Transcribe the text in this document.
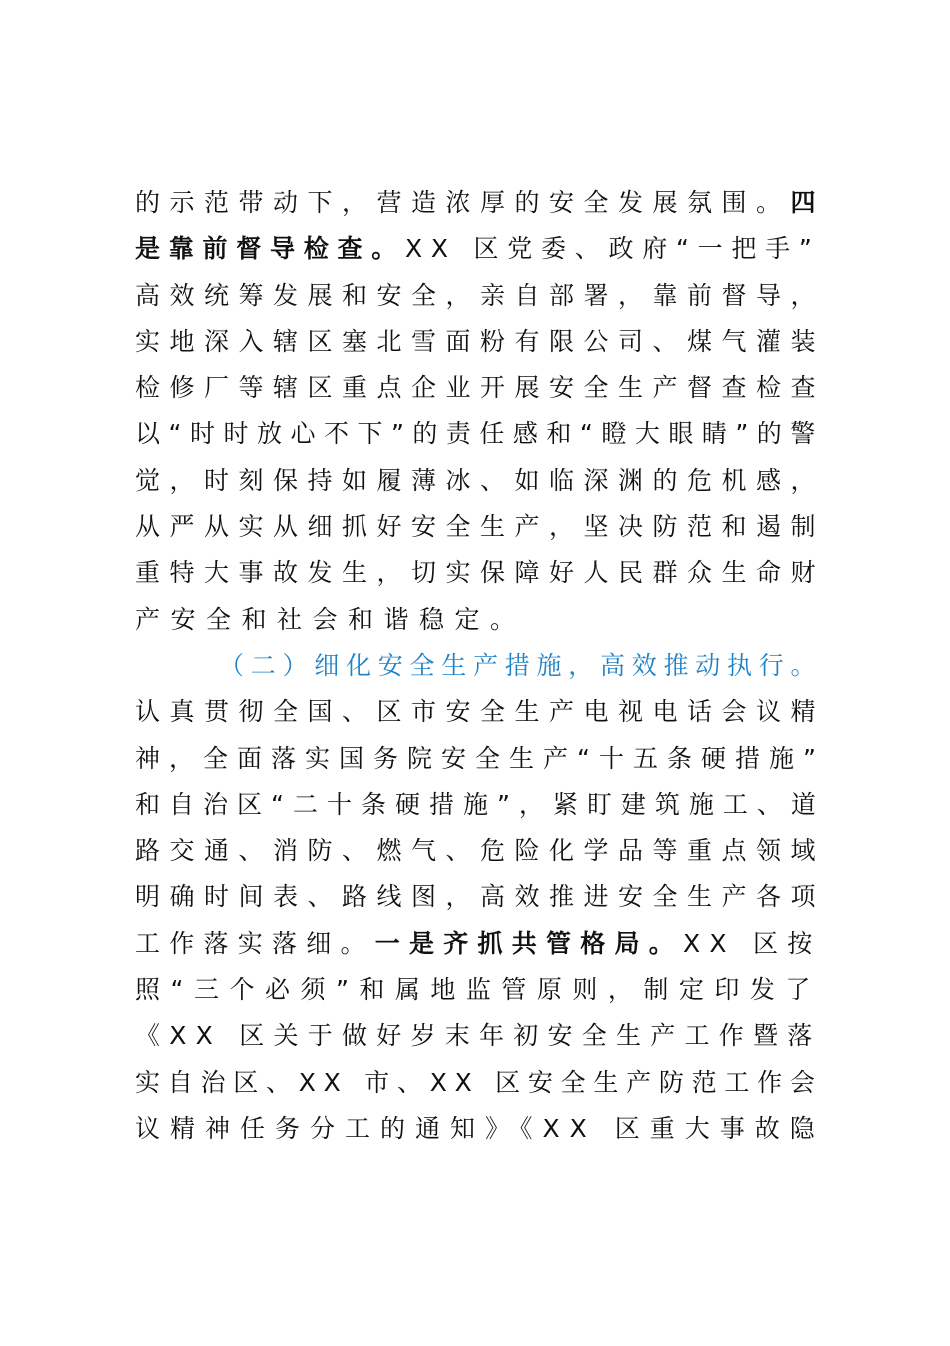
的示范带动下，营造浓厚的安全发展氛围。四
是靠前督导检查。XX 区党委、政府“一把手”
高效统筹发展和安全，亲自部署，靠前督导，
实地深入辖区塞北雪面粉有限公司、煤气灌装
检修厂等辖区重点企业开展安全生产督查检查
以“时时放心不下”的责任感和“瞪大眼睛”的警
觉，时刻保持如履薄冰、如临深渊的危机感，
从严从实从细抓好安全生产，坚决防范和遏制
重特大事故发生，切实保障好人民群众生命财
产安全和社会和谐稳定。
（二）细化安全生产措施，高效推动执行。
认真贯彻全国、区市安全生产电视电话会议精
神，全面落实国务院安全生产“十五条硬措施”
和自治区“二十条硬措施”，紧盯建筑施工、道
路交通、消防、燃气、危险化学品等重点领域
明确时间表、路线图，高效推进安全生产各项
工作落实落细。一是齐抓共管格局。XX 区按
照“三个必须”和属地监管原则，制定印发了
《XX 区关于做好岁末年初安全生产工作暨落
实自治区、XX 市、XX 区安全生产防范工作会
议精神任务分工的通知》《XX 区重大事故隐
